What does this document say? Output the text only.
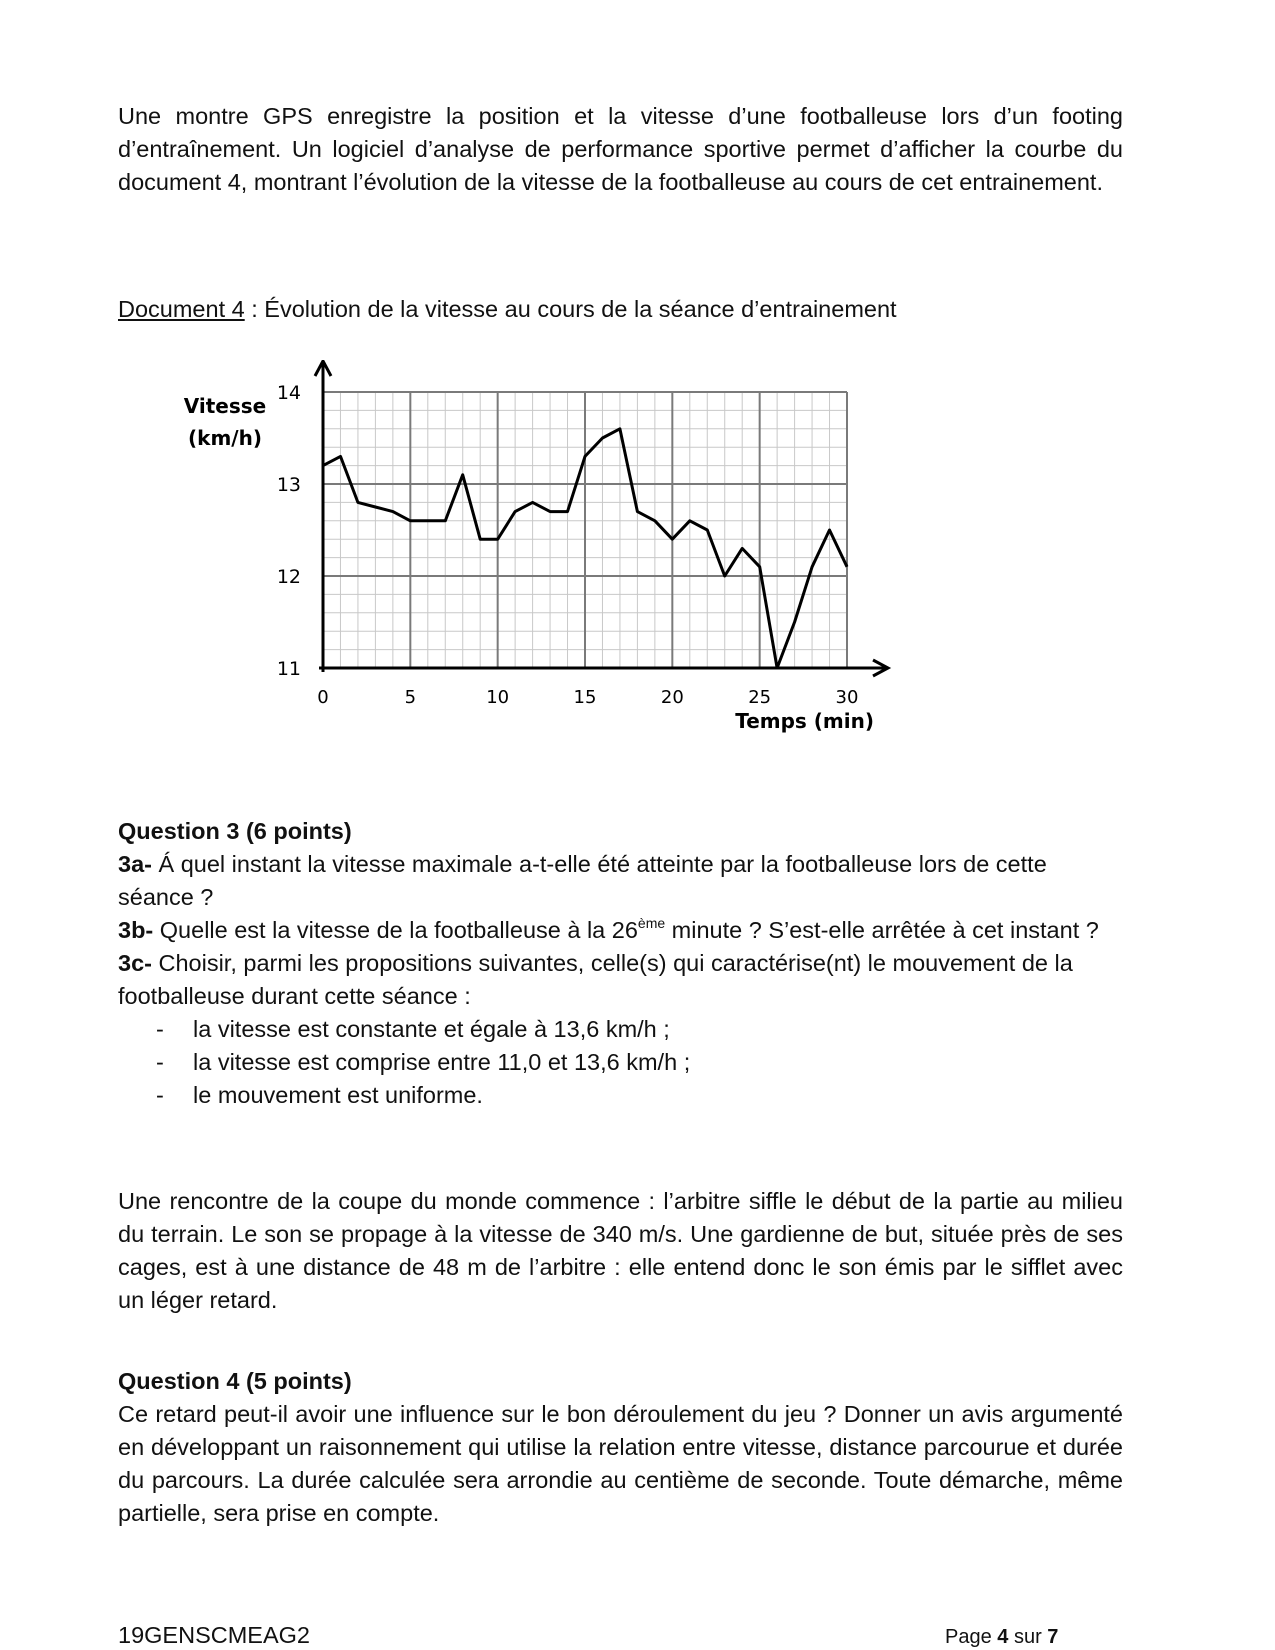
Une montre GPS enregistre la position et la vitesse d’une footballeuse lors d’un footing d’entraînement. Un logiciel d’analyse de performance sportive permet d’afficher la courbe du document 4, montrant l’évolution de la vitesse de la footballeuse au cours de cet entrainement.

Document 4 : Évolution de la vitesse au cours de la séance d’entrainement
0	5	10	15	20	25	30
11
12
13
14
Vitesse
(km/h)
Temps (min)
Question 3 (6 points)
3a- Á quel instant la vitesse maximale a-t-elle été atteinte par la footballeuse lors de cette séance ?
3b- Quelle est la vitesse de la footballeuse à la 26ème minute ? S’est-elle arrêtée à cet instant ?
3c- Choisir, parmi les propositions suivantes, celle(s) qui caractérise(nt) le mouvement de la footballeuse durant cette séance :
- la vitesse est constante et égale à 13,6 km/h ;
- la vitesse est comprise entre 11,0 et 13,6 km/h ;
- le mouvement est uniforme.

Une rencontre de la coupe du monde commence : l’arbitre siffle le début de la partie au milieu du terrain. Le son se propage à la vitesse de 340 m/s. Une gardienne de but, située près de ses cages, est à une distance de 48 m de l’arbitre : elle entend donc le son émis par le sifflet avec un léger retard.

Question 4 (5 points)

Ce retard peut-il avoir une influence sur le bon déroulement du jeu ? Donner un avis argumenté en développant un raisonnement qui utilise la relation entre vitesse, distance parcourue et durée du parcours. La durée calculée sera arrondie au centième de seconde. Toute démarche, même partielle, sera prise en compte.

19GENSCMEAG2	Page 4 sur 7
